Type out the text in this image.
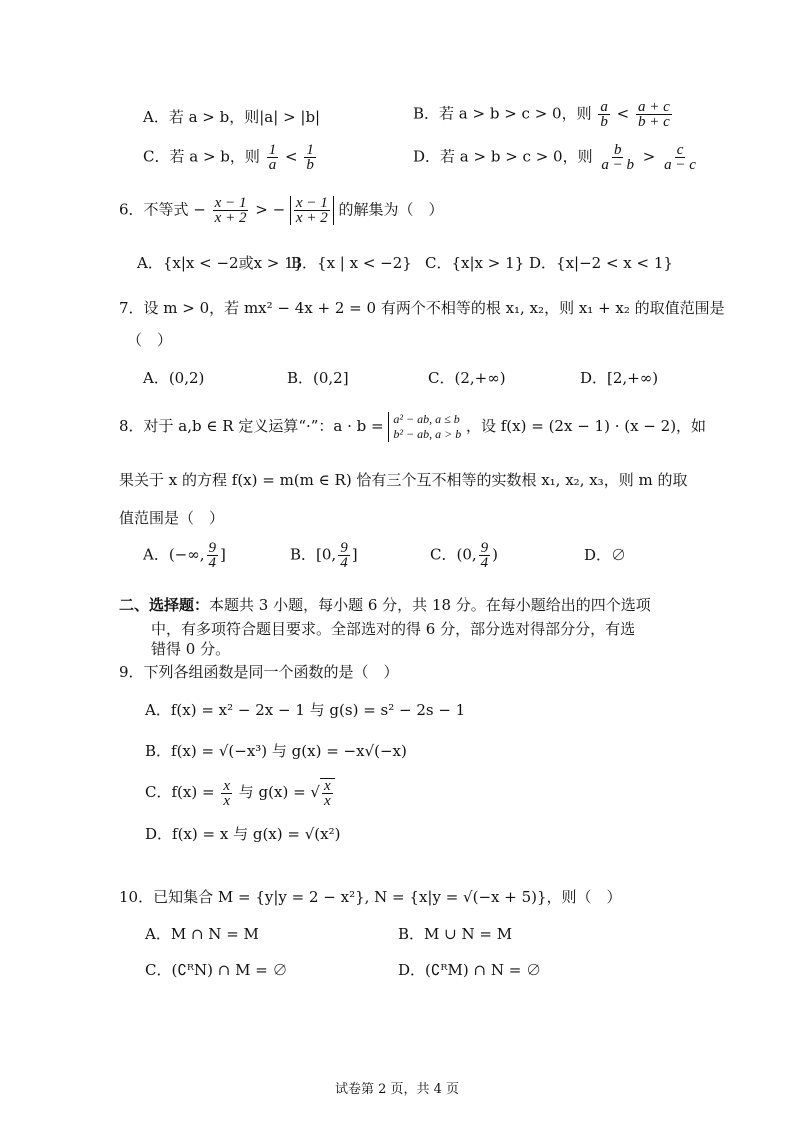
A．若 a > b，则|a| > |b|	B．若 a > b > c > 0，则 $\frac{a}{b} < \frac{a + c}{b + c}$
C．若 a > b，则 $\frac{1}{a} < \frac{1}{b}$	D．若 a > b > c > 0，则 $\frac{b}{a - b} > \frac{c}{a - c}$
6．不等式 − $\frac{x - 1}{x + 2}$ > − $\frac{x - 1}{x + 2}$ 的解集为（　）
A．{x|x < −2或x > 1}
B．{x | x < −2} C．{x|x > 1} D．{x|−2 < x < 1}
7．设 m > 0，若 mx² − 4x + 2 = 0 有两个不相等的根 x₁, x₂，则 x₁ + x₂ 的取值范围是
（　）
A．(0,2)	B．(0,2]	C．(2,+∞)	D．[2,+∞)
8．对于 a,b ∈ R 定义运算“·”：a · b = a² − ab, a ≤ b
b² − ab, a > b ，设 f(x) = (2x − 1) · (x − 2)，如
果关于 x 的方程 f(x) = m(m ∈ R) 恰有三个互不相等的实数根 x₁, x₂, x₃，则 m 的取
值范围是（　）
A．(−∞, $\frac{9}{4}$ ]	B．[0, $\frac{9}{4}$ ]	C．(0, $\frac{9}{4}$ )	D．∅
二、选择题：本题共 3 小题，每小题 6 分，共 18 分。在每小题给出的四个选项
中，有多项符合题目要求。全部选对的得 6 分，部分选对得部分分，有选
错得 0 分。
9．下列各组函数是同一个函数的是（　）
A．f(x) = x² − 2x − 1 与 g(s) = s² − 2s − 1
B．f(x) = √(−x³) 与 g(x) = −x√(−x)
C．$f(x) = \frac{x}{x}$ 与 g(x) = √ $\frac{x}{x}$
D．f(x) = x 与 g(x) = √(x²)
10．已知集合 M = {y|y = 2 − x²}, N = {x|y = √(−x + 5)}，则（　）
A．M ∩ N = M	B．M ∪ N = M
C．(∁ᴿN) ∩ M = ∅	D．(∁ᴿM) ∩ N = ∅
试卷第 2 页，共 4 页
